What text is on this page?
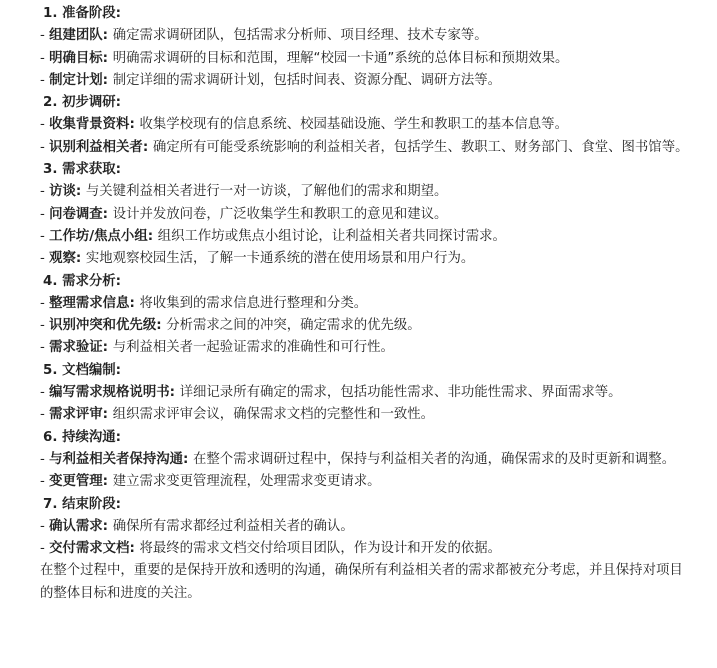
1. 准备阶段:

- 组建团队: 确定需求调研团队，包括需求分析师、项目经理、技术专家等。

- 明确目标: 明确需求调研的目标和范围，理解“校园一卡通”系统的总体目标和预期效果。

- 制定计划: 制定详细的需求调研计划，包括时间表、资源分配、调研方法等。

2. 初步调研:

- 收集背景资料: 收集学校现有的信息系统、校园基础设施、学生和教职工的基本信息等。

- 识别利益相关者: 确定所有可能受系统影响的利益相关者，包括学生、教职工、财务部门、食堂、图书馆等。

3. 需求获取:

- 访谈: 与关键利益相关者进行一对一访谈，了解他们的需求和期望。

- 问卷调查: 设计并发放问卷，广泛收集学生和教职工的意见和建议。

- 工作坊/焦点小组: 组织工作坊或焦点小组讨论，让利益相关者共同探讨需求。

- 观察: 实地观察校园生活，了解一卡通系统的潜在使用场景和用户行为。

4. 需求分析:

- 整理需求信息: 将收集到的需求信息进行整理和分类。

- 识别冲突和优先级: 分析需求之间的冲突，确定需求的优先级。

- 需求验证: 与利益相关者一起验证需求的准确性和可行性。

5. 文档编制:

- 编写需求规格说明书: 详细记录所有确定的需求，包括功能性需求、非功能性需求、界面需求等。

- 需求评审: 组织需求评审会议，确保需求文档的完整性和一致性。

6. 持续沟通:

- 与利益相关者保持沟通: 在整个需求调研过程中，保持与利益相关者的沟通，确保需求的及时更新和调整。

- 变更管理: 建立需求变更管理流程，处理需求变更请求。

7. 结束阶段:

- 确认需求: 确保所有需求都经过利益相关者的确认。

- 交付需求文档: 将最终的需求文档交付给项目团队，作为设计和开发的依据。

在整个过程中，重要的是保持开放和透明的沟通，确保所有利益相关者的需求都被充分考虑，并且保持对项目的整体目标和进度的关注。
